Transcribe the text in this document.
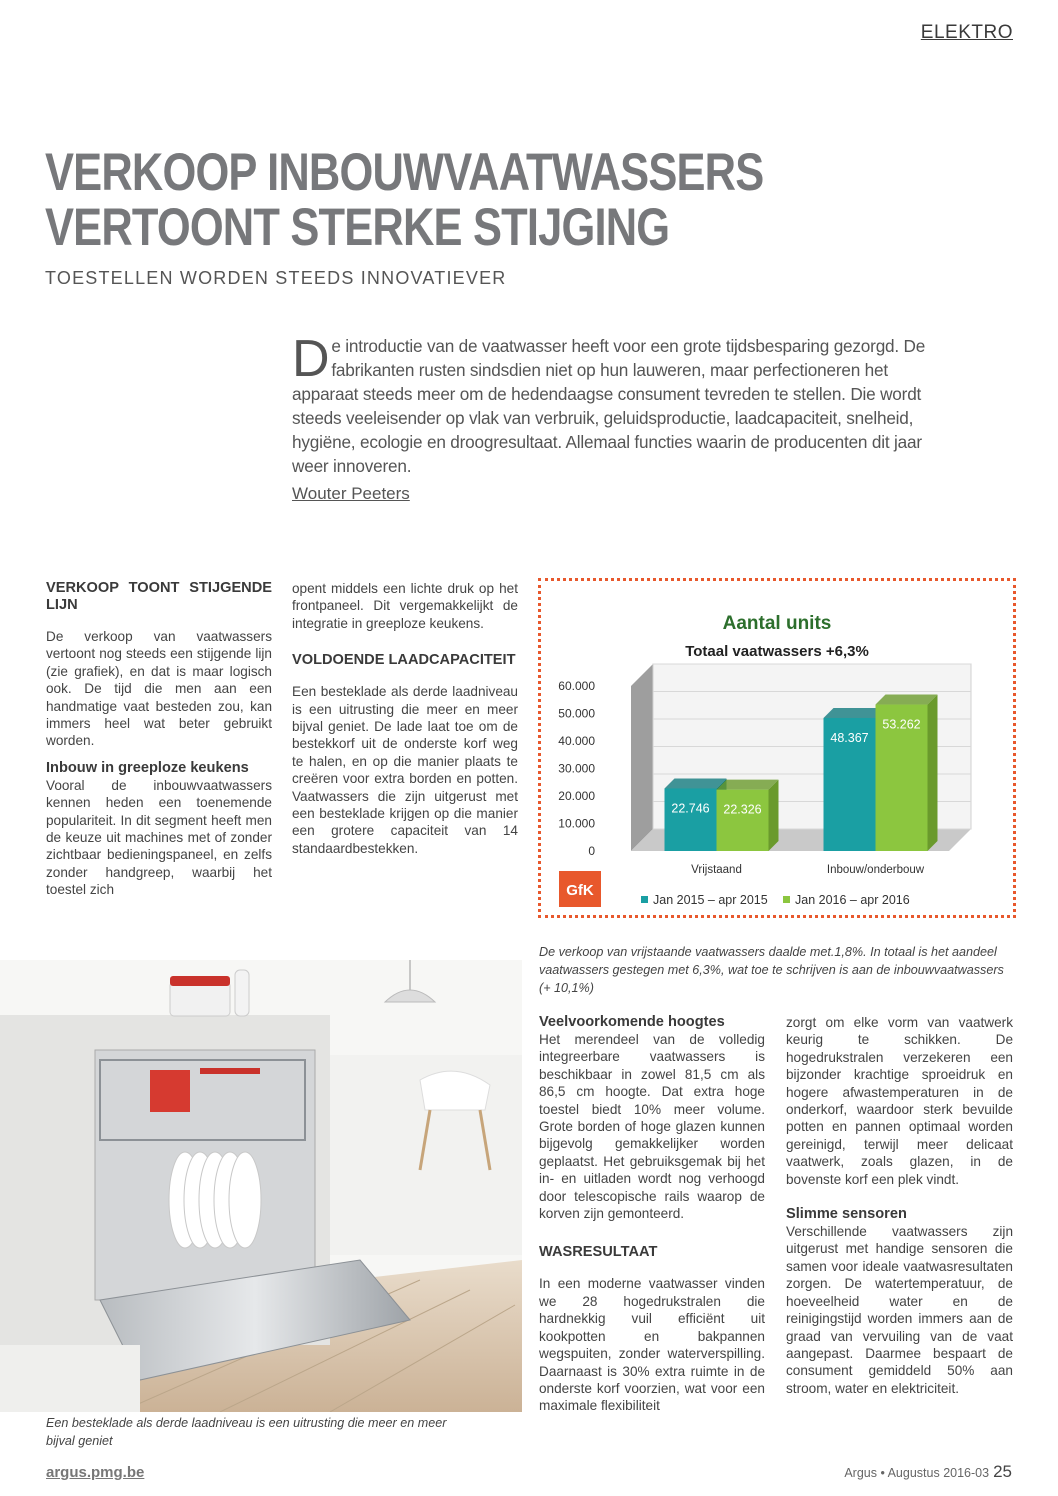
ELEKTRO
VERKOOP INBOUWVAATWASSERS
VERTOONT STERKE STIJGING
TOESTELLEN WORDEN STEEDS INNOVATIEVER
De introductie van de vaatwasser heeft voor een grote tijdsbesparing gezorgd. De fabrikanten rusten sindsdien niet op hun lauweren, maar perfectioneren het apparaat steeds meer om de hedendaagse consument tevreden te stellen. Die wordt steeds veeleisender op vlak van verbruik, geluidsproductie, laadcapaciteit, snelheid, hygiëne, ecologie en droogresultaat. Allemaal functies waarin de producenten dit jaar weer innoveren.
Wouter Peeters
VERKOOP TOONT STIJGENDE LIJN

De verkoop van vaatwassers vertoont nog steeds een stijgende lijn (zie grafiek), en dat is maar logisch ook. De tijd die men aan een handmatige vaat besteden zou, kan immers heel wat beter gebruikt worden.

Inbouw in greeploze keukens

Vooral de inbouwvaatwassers kennen heden een toenemende populariteit. In dit segment heeft men de keuze uit machines met of zonder zichtbaar bedieningspaneel, en zelfs zonder handgreep, waarbij het toestel zich

opent middels een lichte druk op het frontpaneel. Dit vergemakkelijkt de integratie in greeploze keukens.

VOLDOENDE LAADCAPACITEIT

Een besteklade als derde laadniveau is een uitrusting die meer en meer bijval geniet. De lade laat toe om de bestekkorf uit de onderste korf weg te halen, en op die manier plaats te creëren voor extra borden en potten. Vaatwassers die zijn uitgerust met een besteklade krijgen op die manier een grotere capaciteit van 14 standaardbestekken.

Aantal units
Totaal vaatwassers +6,3%
0
10.000
20.000
30.000
40.000
50.000
60.000
22.746 22.326
Vrijstaand
48.367
53.262
Inbouw/onderbouw
Jan 2015 – apr 2015 Jan 2016 – apr 2016
GfK
De verkoop van vrijstaande vaatwassers daalde met.1,8%. In totaal is het aandeel vaatwassers gestegen met 6,3%, wat toe te schrijven is aan de inbouwvaatwassers (+ 10,1%)
Een besteklade als derde laadniveau is een uitrusting die meer en meer bijval geniet
Veelvoorkomende hoogtes

Het merendeel van de volledig integreerbare vaatwassers is beschikbaar in zowel 81,5 cm als 86,5 cm hoogte. Dat extra hoge toestel biedt 10% meer volume. Grote borden of hoge glazen kunnen bijgevolg gemakkelijker worden geplaatst. Het gebruiksgemak bij het in- en uitladen wordt nog verhoogd door telescopische rails waarop de korven zijn gemonteerd.

WASRESULTAAT

In een moderne vaatwasser vinden we 28 hogedrukstralen die hardnekkig vuil efficiënt uit kookpotten en bakpannen wegspuiten, zonder waterverspilling. Daarnaast is 30% extra ruimte in de onderste korf voorzien, wat voor een maximale flexibiliteit

zorgt om elke vorm van vaatwerk keurig te schikken. De hogedrukstralen verzekeren een bijzonder krachtige sproeidruk en hogere afwastemperaturen in de onderkorf, waardoor sterk bevuilde potten en pannen optimaal worden gereinigd, terwijl meer delicaat vaatwerk, zoals glazen, in de bovenste korf een plek vindt.

Slimme sensoren

Verschillende vaatwassers zijn uitgerust met handige sensoren die samen voor ideale vaatwasresultaten zorgen. De watertemperatuur, de hoeveelheid water en de reinigingstijd worden immers aan de graad van vervuiling van de vaat aangepast. Daarmee bespaart de consument gemiddeld 50% aan stroom, water en elektriciteit.

argus.pmg.be	Argus • Augustus 2016-03 25
